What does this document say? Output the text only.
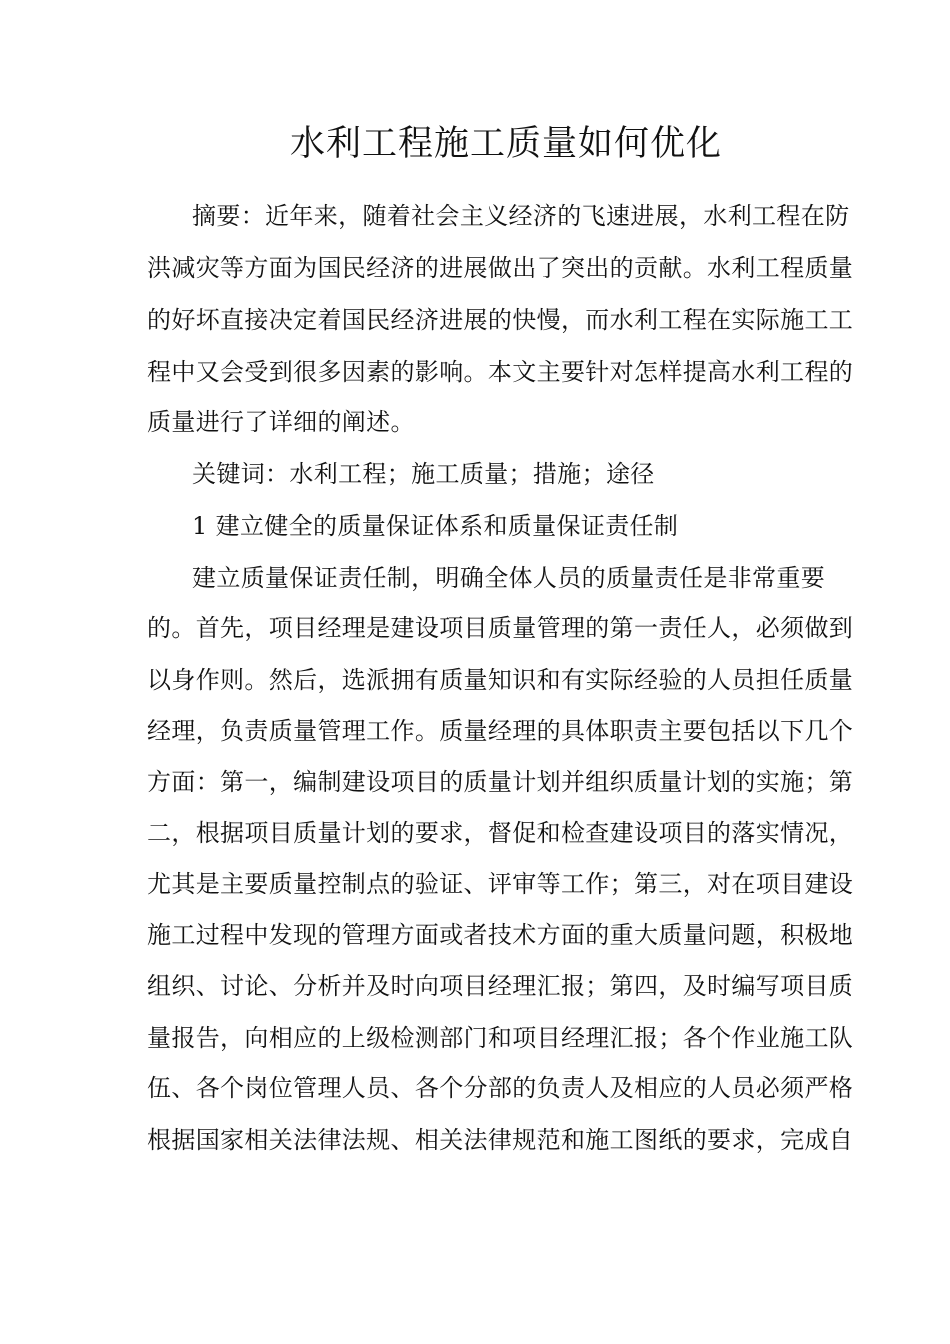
水利工程施工质量如何优化
摘要：近年来，随着社会主义经济的飞速进展，水利工程在防
洪减灾等方面为国民经济的进展做出了突出的贡献。水利工程质量
的好坏直接决定着国民经济进展的快慢，而水利工程在实际施工工
程中又会受到很多因素的影响。本文主要针对怎样提高水利工程的
质量进行了详细的阐述。
关键词：水利工程；施工质量；措施；途径
1 建立健全的质量保证体系和质量保证责任制
建立质量保证责任制，明确全体人员的质量责任是非常重要
的。首先，项目经理是建设项目质量管理的第一责任人，必须做到
以身作则。然后，选派拥有质量知识和有实际经验的人员担任质量
经理，负责质量管理工作。质量经理的具体职责主要包括以下几个
方面：第一，编制建设项目的质量计划并组织质量计划的实施；第
二，根据项目质量计划的要求，督促和检查建设项目的落实情况，
尤其是主要质量控制点的验证、评审等工作；第三，对在项目建设
施工过程中发现的管理方面或者技术方面的重大质量问题，积极地
组织、讨论、分析并及时向项目经理汇报；第四，及时编写项目质
量报告，向相应的上级检测部门和项目经理汇报；各个作业施工队
伍、各个岗位管理人员、各个分部的负责人及相应的人员必须严格
根据国家相关法律法规、相关法律规范和施工图纸的要求，完成自
